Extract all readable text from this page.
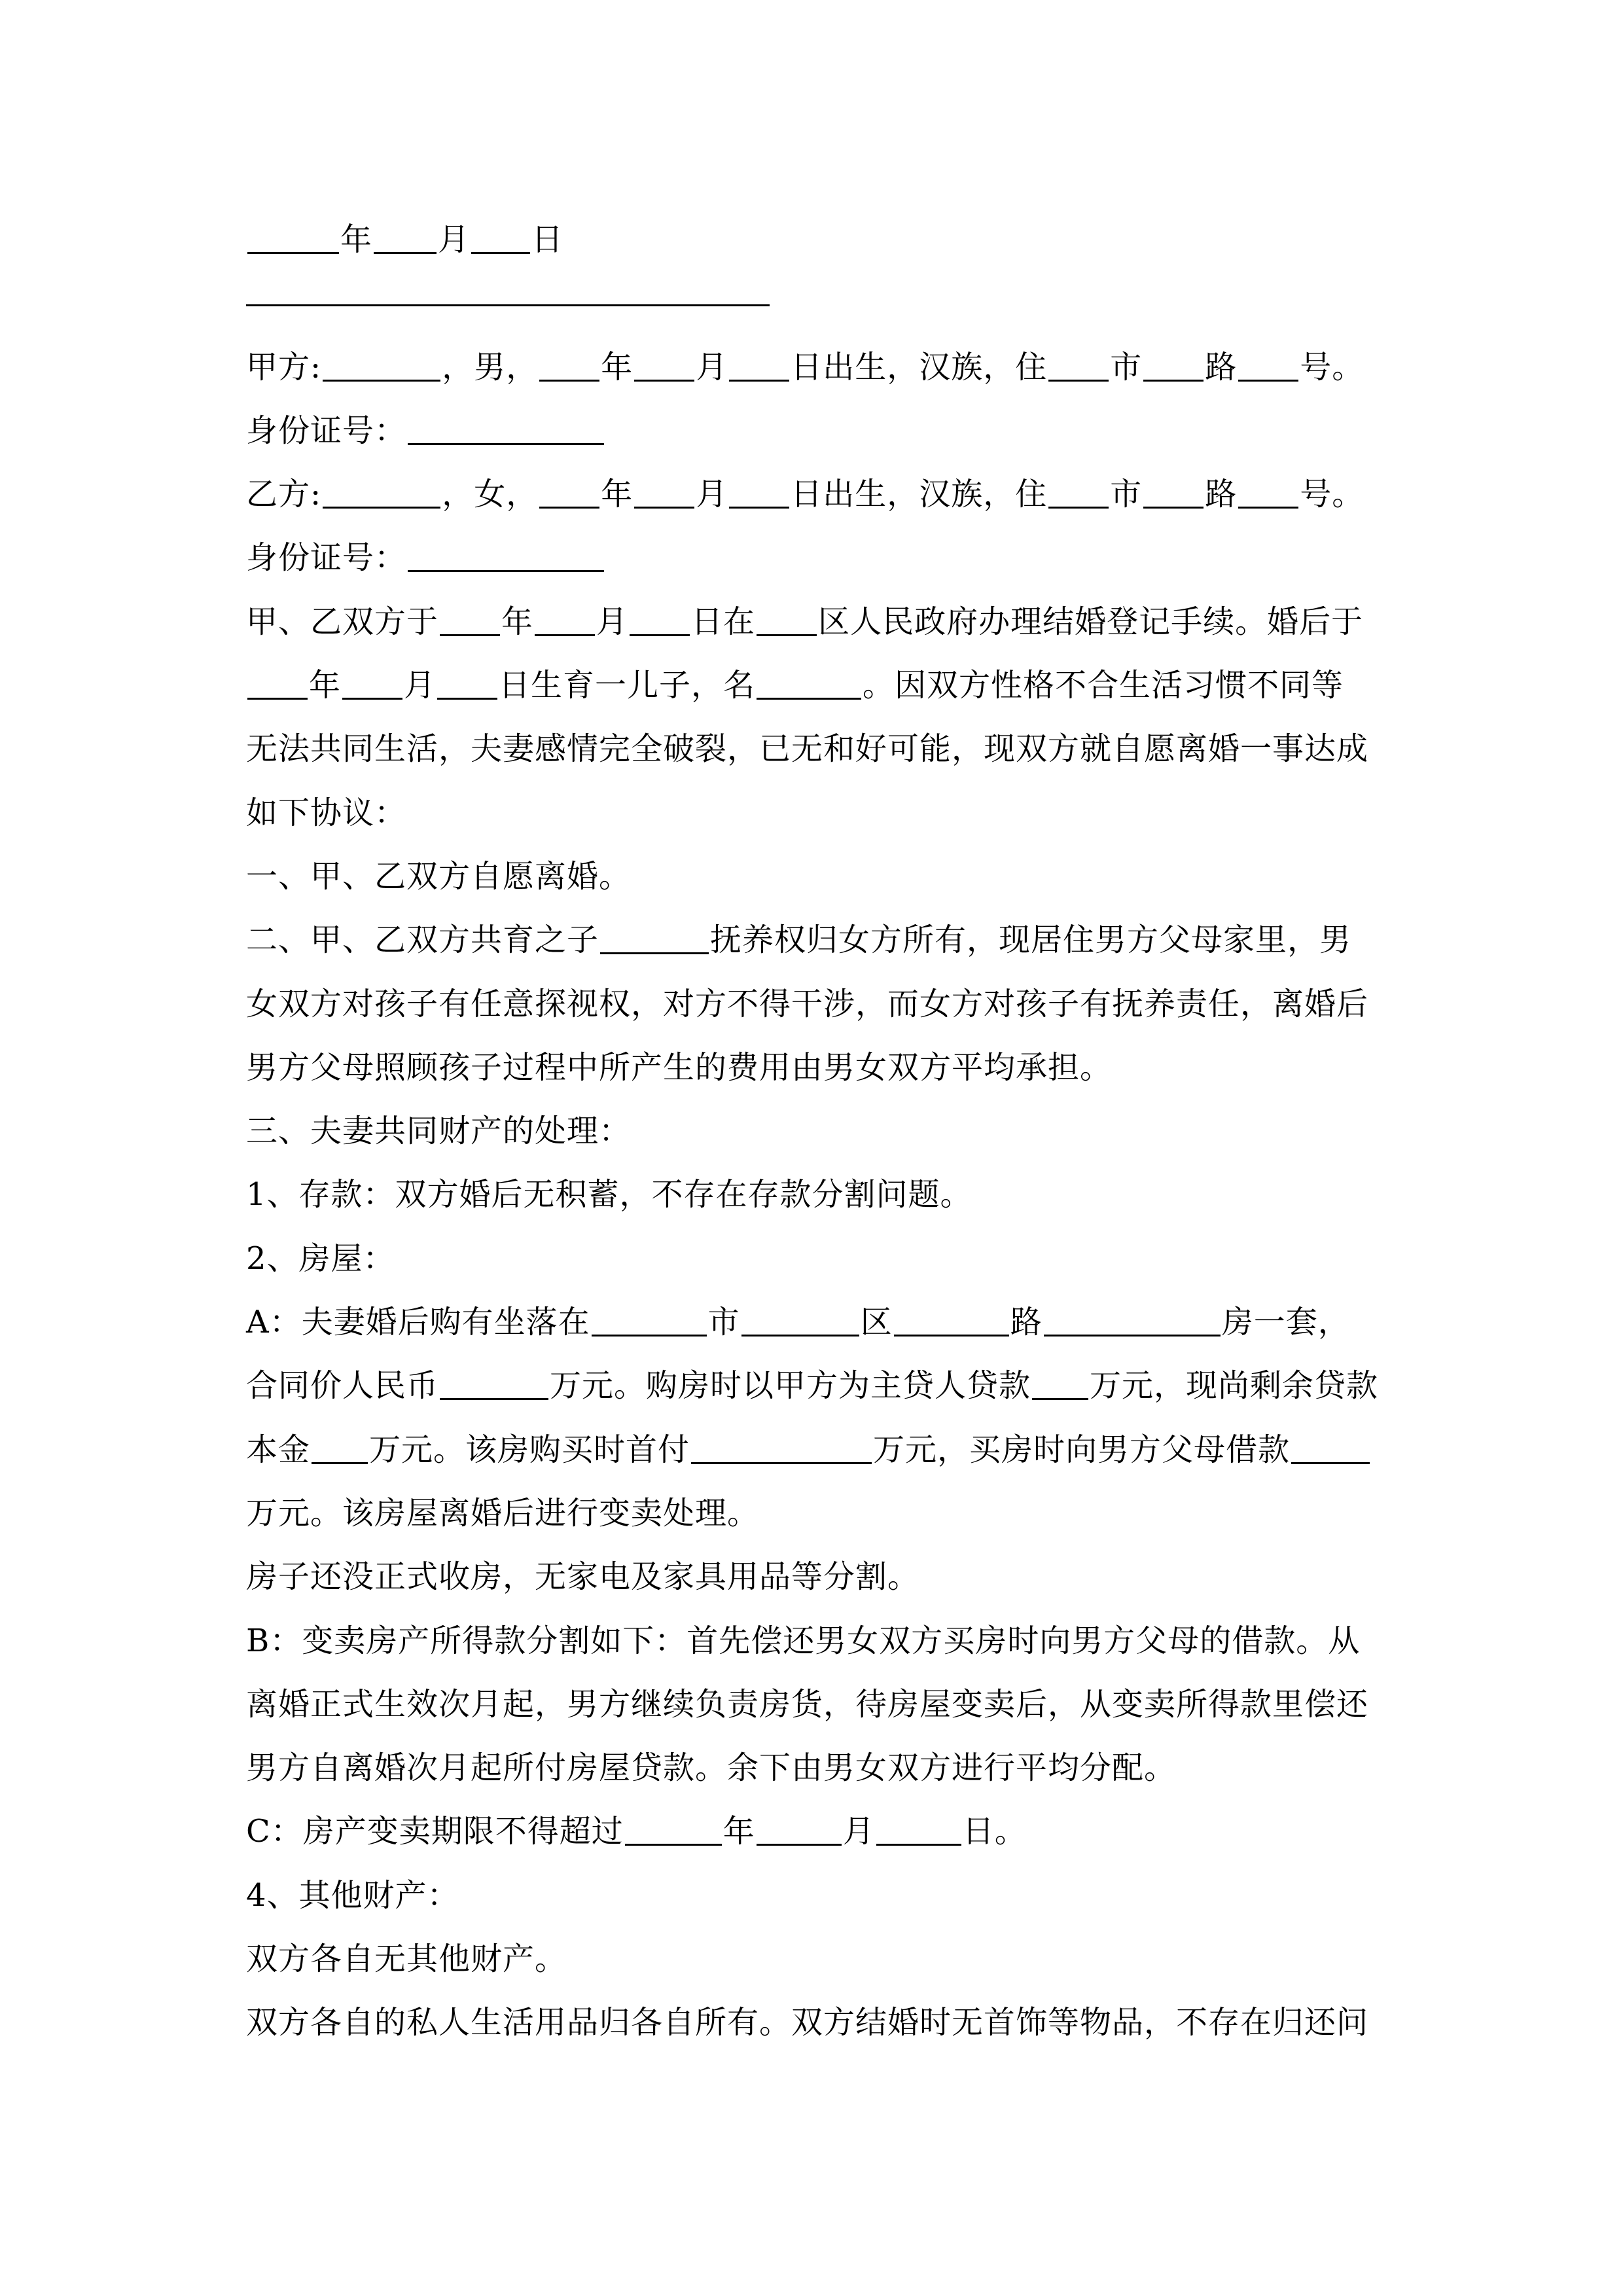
年 月 日
甲方:	，男， 年 月 日出生，汉族，住 市 路 号。
身份证号：
乙方:	，女， 年 月 日出生，汉族，住 市 路 号。
身份证号：
甲、乙双方于 年 月 日在 区人民政府办理结婚登记手续。婚后于
年 月 日生育一儿子，名	。因双方性格不合生活习惯不同等
无法共同生活，夫妻感情完全破裂，已无和好可能，现双方就自愿离婚一事达成
如下协议：
一、甲、乙双方自愿离婚。
二、甲、乙双方共育之子	抚养权归女方所有，现居住男方父母家里，男
女双方对孩子有任意探视权，对方不得干涉，而女方对孩子有抚养责任，离婚后
男方父母照顾孩子过程中所产生的费用由男女双方平均承担。
三、夫妻共同财产的处理：
1、存款：双方婚后无积蓄，不存在存款分割问题。
2、房屋：
A：夫妻婚后购有坐落在	市	区	路	房一套，
合同价人民币	万元。购房时以甲方为主贷人贷款 万元，现尚剩余贷款
本金 万元。该房购买时首付	万元，买房时向男方父母借款
万元。该房屋离婚后进行变卖处理。
房子还没正式收房，无家电及家具用品等分割。
B：变卖房产所得款分割如下：首先偿还男女双方买房时向男方父母的借款。从
离婚正式生效次月起，男方继续负责房货，待房屋变卖后，从变卖所得款里偿还
男方自离婚次月起所付房屋贷款。余下由男女双方进行平均分配。
C：房产变卖期限不得超过	年	月	日。
4、其他财产：
双方各自无其他财产。
双方各自的私人生活用品归各自所有。双方结婚时无首饰等物品，不存在归还问
